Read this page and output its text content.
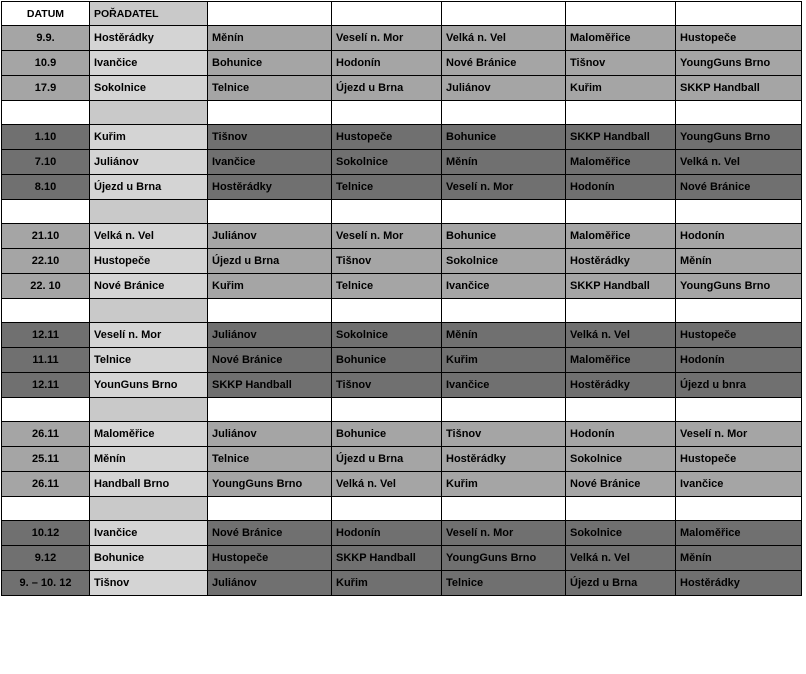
DATUM	POŘADATEL					
9.9.	Hostěrádky	Měnín	Veselí n. Mor	Velká n. Vel	Maloměřice	Hustopeče
10.9	Ivančice	Bohunice	Hodonín	Nové Bránice	Tišnov	YoungGuns Brno
17.9	Sokolnice	Telnice	Újezd u Brna	Juliánov	Kuřim	SKKP Handball

1.10	Kuřim	Tišnov	Hustopeče	Bohunice	SKKP Handball	YoungGuns Brno
7.10	Juliánov	Ivančice	Sokolnice	Měnín	Maloměřice	Velká n. Vel
8.10	Újezd u Brna	Hostěrádky	Telnice	Veselí n. Mor	Hodonín	Nové Bránice

21.10	Velká n. Vel	Juliánov	Veselí n. Mor	Bohunice	Maloměřice	Hodonín
22.10	Hustopeče	Újezd u Brna	Tišnov	Sokolnice	Hostěrádky	Měnín
22. 10	Nové Bránice	Kuřim	Telnice	Ivančice	SKKP Handball	YoungGuns Brno

12.11	Veselí n. Mor	Juliánov	Sokolnice	Měnín	Velká n. Vel	Hustopeče
11.11	Telnice	Nové Bránice	Bohunice	Kuřim	Maloměřice	Hodonín
12.11	YounGuns Brno	SKKP Handball	Tišnov	Ivančice	Hostěrádky	Újezd u bnra

26.11	Maloměřice	Juliánov	Bohunice	Tišnov	Hodonín	Veselí n. Mor
25.11	Měnín	Telnice	Újezd u Brna	Hostěrádky	Sokolnice	Hustopeče
26.11	Handball Brno	YoungGuns Brno	Velká n. Vel	Kuřim	Nové Bránice	Ivančice

10.12	Ivančice	Nové Bránice	Hodonín	Veselí n. Mor	Sokolnice	Maloměřice
9.12	Bohunice	Hustopeče	SKKP Handball	YoungGuns Brno	Velká n. Vel	Měnín
9. – 10. 12	Tišnov	Juliánov	Kuřim	Telnice	Újezd u Brna	Hostěrádky
